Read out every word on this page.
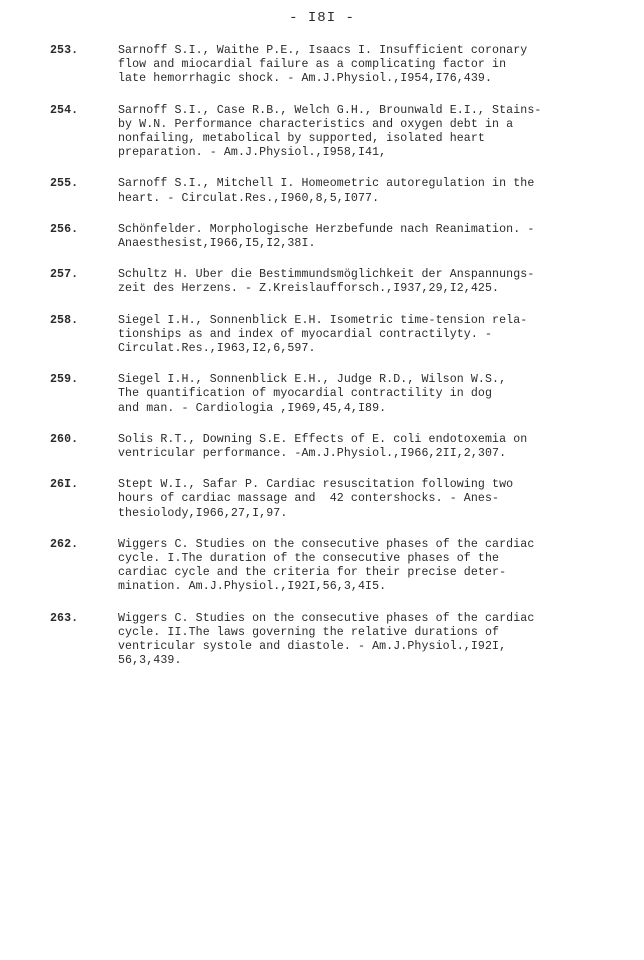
- I8I -
253.	Sarnoff S.I., Waithe P.E., Isaacs I. Insufficient coronary
flow and miocardial failure as a complicating factor in
late hemorrhagic shock. - Am.J.Physiol.,I954,I76,439.
254.	Sarnoff S.I., Case R.B., Welch G.H., Brounwald E.I., Stains-
by W.N. Performance characteristics and oxygen debt in a
nonfailing, metabolical by supported, isolated heart
preparation. - Am.J.Physiol.,I958,I41,
255.	Sarnoff S.I., Mitchell I. Homeometric autoregulation in the
heart. - Circulat.Res.,I960,8,5,I077.
256.	Schönfelder. Morphologische Herzbefunde nach Reanimation. -
Anaesthesist,I966,I5,I2,38I.
257.	Schultz H. Uber die Bestimmundsmöglichkeit der Anspannungs-
zeit des Herzens. - Z.Kreislaufforsch.,I937,29,I2,425.
258.	Siegel I.H., Sonnenblick E.H. Isometric time-tension rela-
tionships as and index of myocardial contractilyty. -
Circulat.Res.,I963,I2,6,597.
259.	Siegel I.H., Sonnenblick E.H., Judge R.D., Wilson W.S.,
The quantification of myocardial contractility in dog
and man. - Cardiologia ,I969,45,4,I89.
260.	Solis R.T., Downing S.E. Effects of E. coli endotoxemia on
ventricular performance. -Am.J.Physiol.,I966,2II,2,307.
26I.	Stept W.I., Safar P. Cardiac resuscitation following two
hours of cardiac massage and  42 contershocks. - Anes-
thesiolody,I966,27,I,97.
262.	Wiggers C. Studies on the consecutive phases of the cardiac
cycle. I.The duration of the consecutive phases of the
cardiac cycle and the criteria for their precise deter-
mination. Am.J.Physiol.,I92I,56,3,4I5.
263.	Wiggers C. Studies on the consecutive phases of the cardiac
cycle. II.The laws governing the relative durations of
ventricular systole and diastole. - Am.J.Physiol.,I92I,
56,3,439.
